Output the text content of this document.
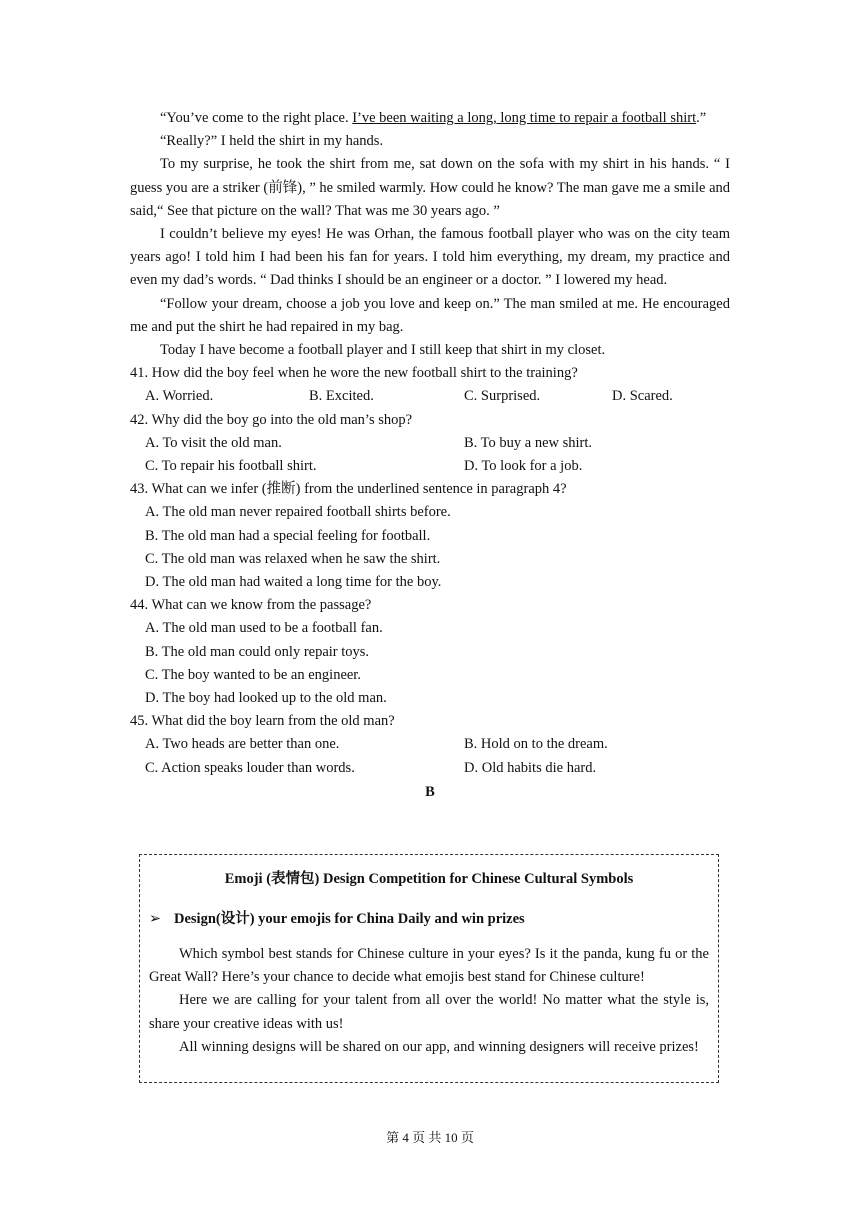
“You’ve come to the right place. I’ve been waiting a long, long time to repair a football shirt.”

“Really?” I held the shirt in my hands.

To my surprise, he took the shirt from me, sat down on the sofa with my shirt in his hands. “ I guess you are a striker (前锋), ” he smiled warmly. How could he know? The man gave me a smile and said,“ See that picture on the wall? That was me 30 years ago. ”

I couldn’t believe my eyes! He was Orhan, the famous football player who was on the city team years ago! I told him I had been his fan for years. I told him everything, my dream, my practice and even my dad’s words. “ Dad thinks I should be an engineer or a doctor. ” I lowered my head.

“Follow your dream, choose a job you love and keep on.” The man smiled at me. He encouraged me and put the shirt he had repaired in my bag.

Today I have become a football player and I still keep that shirt in my closet.

41. How did the boy feel when he wore the new football shirt to the training?
A. Worried.	B. Excited.	C. Surprised.	D. Scared.
42. Why did the boy go into the old man’s shop?
A. To visit the old man.	B. To buy a new shirt.
C. To repair his football shirt.	D. To look for a job.
43. What can we infer (推断) from the underlined sentence in paragraph 4?
A. The old man never repaired football shirts before.
B. The old man had a special feeling for football.
C. The old man was relaxed when he saw the shirt.
D. The old man had waited a long time for the boy.
44. What can we know from the passage?
A. The old man used to be a football fan.
B. The old man could only repair toys.
C. The boy wanted to be an engineer.
D. The boy had looked up to the old man.
45. What did the boy learn from the old man?
A. Two heads are better than one.	B. Hold on to the dream.
C. Action speaks louder than words.	D. Old habits die hard.
B
Emoji (表情包) Design Competition for Chinese Cultural Symbols
➢ Design(设计) your emojis for China Daily and win prizes

Which symbol best stands for Chinese culture in your eyes? Is it the panda, kung fu or the Great Wall? Here’s your chance to decide what emojis best stand for Chinese culture!

Here we are calling for your talent from all over the world! No matter what the style is, share your creative ideas with us!

All winning designs will be shared on our app, and winning designers will receive prizes!

第 4 页 共 10 页
